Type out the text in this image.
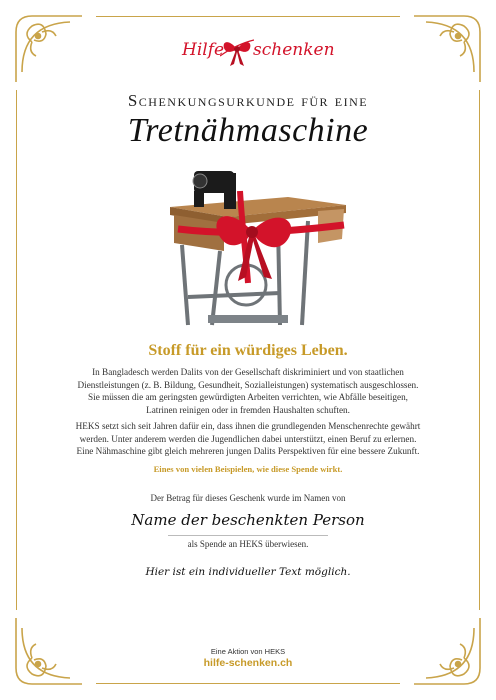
Hilfe schenken
Schenkungsurkunde für eine
Tretnähmaschine
Stoff für ein würdiges Leben.
In Bangladesch werden Dalits von der Gesellschaft diskriminiert und von staatlichen
Dienstleistungen (z. B. Bildung, Gesundheit, Sozialleistungen) systematisch ausgeschlossen.
Sie müssen die am geringsten gewürdigten Arbeiten verrichten, wie Abfälle beseitigen,
Latrinen reinigen oder in fremden Haushalten schuften.
HEKS setzt sich seit Jahren dafür ein, dass ihnen die grundlegenden Menschenrechte gewährt
werden. Unter anderem werden die Jugendlichen dabei unterstützt, einen Beruf zu erlernen.
Eine Nähmaschine gibt gleich mehreren jungen Dalits Perspektiven für eine bessere Zukunft.
Eines von vielen Beispielen, wie diese Spende wirkt.
Der Betrag für dieses Geschenk wurde im Namen von
Name der beschenkten Person
als Spende an HEKS überwiesen.
Hier ist ein individueller Text möglich.
Eine Aktion von HEKS
hilfe-schenken.ch
